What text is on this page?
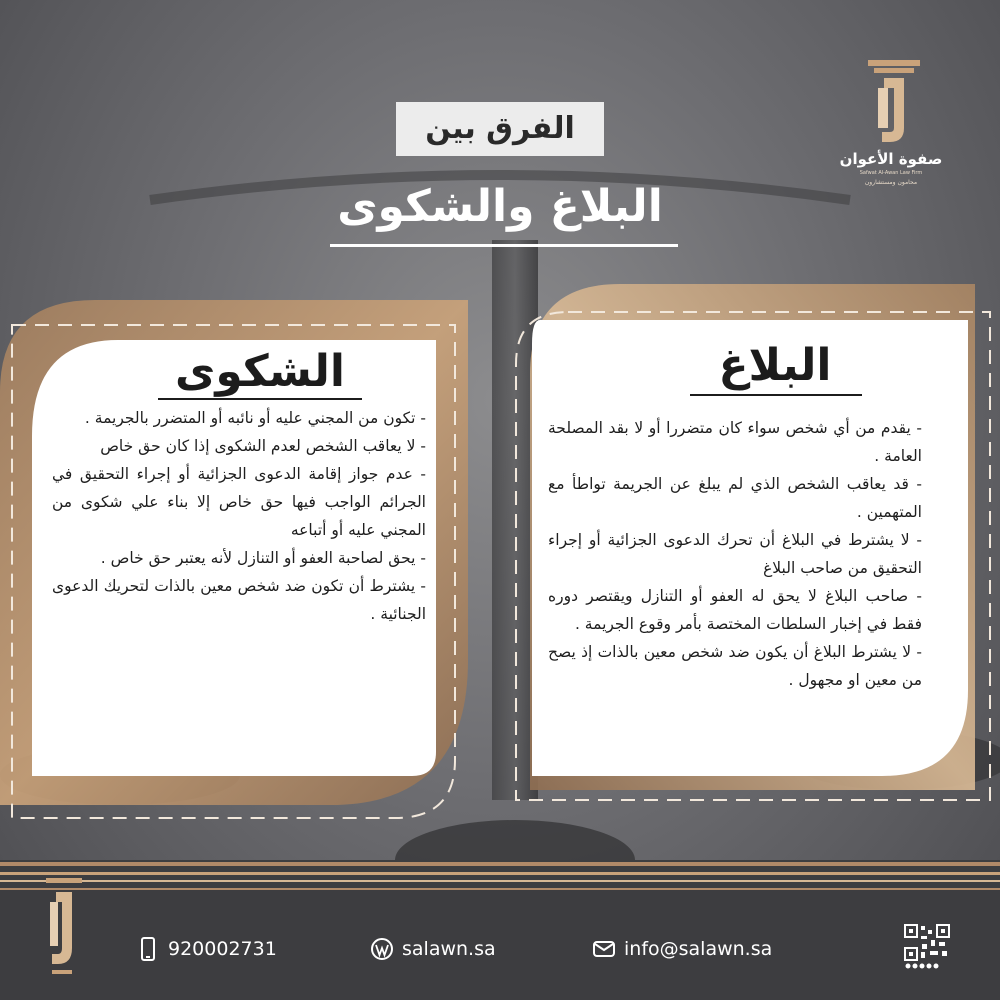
صفوة الأعوان
Safwat Al-Awan Law Firm
محامون ومستشارون
الفرق بين
البلاغ والشكوى
الشكوى

- تكون من المجني عليه أو نائبه أو المتضرر بالجريمة .

- لا يعاقب الشخص لعدم الشكوى إذا كان حق خاص

- عدم جواز إقامة الدعوى الجزائية أو إجراء التحقيق في الجرائم الواجب فيها حق خاص إلا بناء علي شكوى من المجني عليه أو أتباعه

- يحق لصاحبة العفو أو التنازل لأنه يعتبر حق خاص .

- يشترط أن تكون ضد شخص معين بالذات لتحريك الدعوى الجنائية .

البلاغ

- يقدم من أي شخص سواء كان متضررا أو لا بقد المصلحة العامة .

- قد يعاقب الشخص الذي لم يبلغ عن الجريمة تواطأ مع المتهمين .

- لا يشترط في البلاغ أن تحرك الدعوى الجزائية أو إجراء التحقيق من صاحب البلاغ

- صاحب البلاغ لا يحق له العفو أو التنازل ويقتصر دوره فقط في إخبار السلطات المختصة بأمر وقوع الجريمة .

- لا يشترط البلاغ أن يكون ضد شخص معين بالذات إذ يصح من معين او مجهول .

920002731	salawn.sa	info@salawn.sa
